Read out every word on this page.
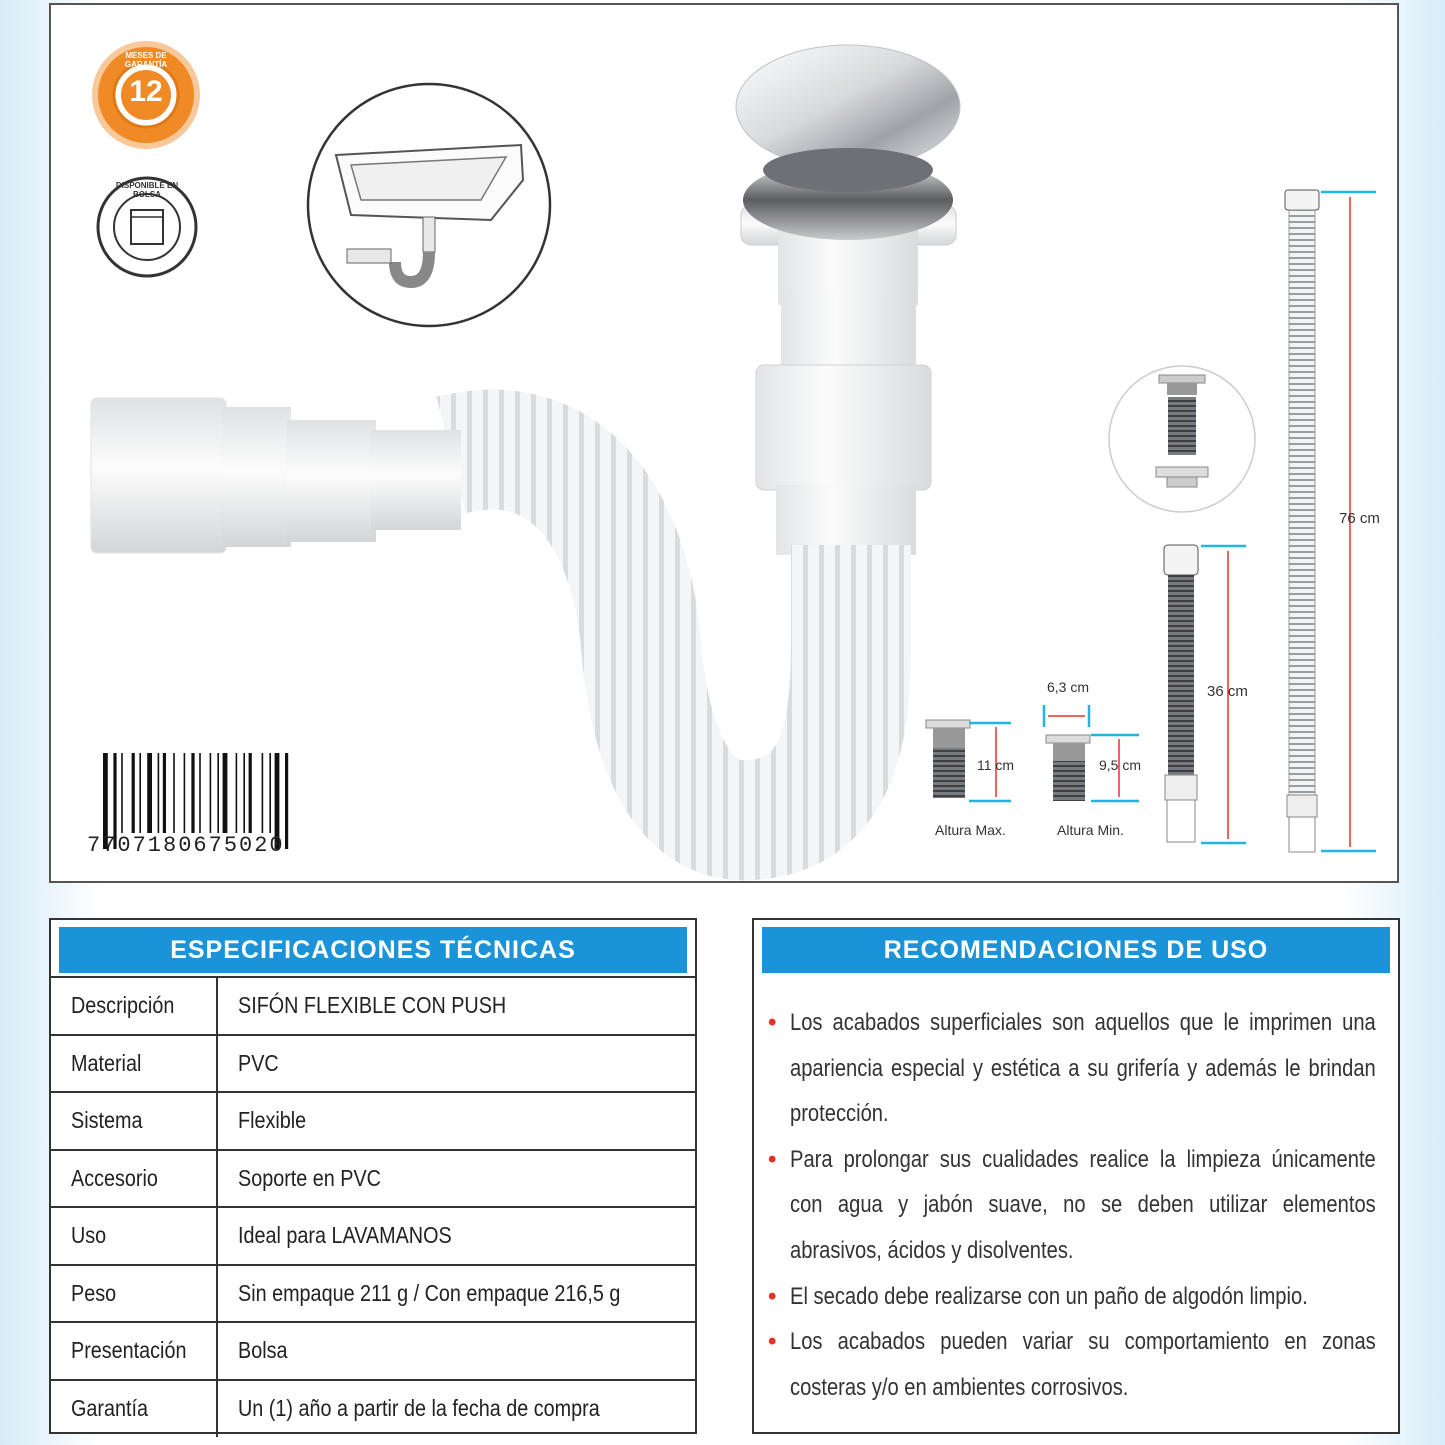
12
MESES DE GARANTÍA
DISPONIBLE EN BOLSA
7707180675020
76 cm
36 cm
6,3 cm
11 cm	9,5 cm
Altura Max.	Altura Min.
ESPECIFICACIONES TÉCNICAS
Descripción	SIFÓN FLEXIBLE CON PUSH
Material	PVC
Sistema	Flexible
Accesorio	Soporte en PVC
Uso	Ideal para LAVAMANOS
Peso	Sin empaque 211 g / Con empaque 216,5 g
Presentación	Bolsa
Garantía	Un (1) año a partir de la fecha de compra
RECOMENDACIONES DE USO
• Los acabados superficiales son aquellos que le imprimen una apariencia especial y estética a su grifería y además le brindan protección.
• Para prolongar sus cualidades realice la limpieza únicamente con agua y jabón suave, no se deben utilizar elementos abrasivos, ácidos y disolventes.
• El secado debe realizarse con un paño de algodón limpio.
• Los acabados pueden variar su comportamiento en zonas costeras y/o en ambientes corrosivos.
